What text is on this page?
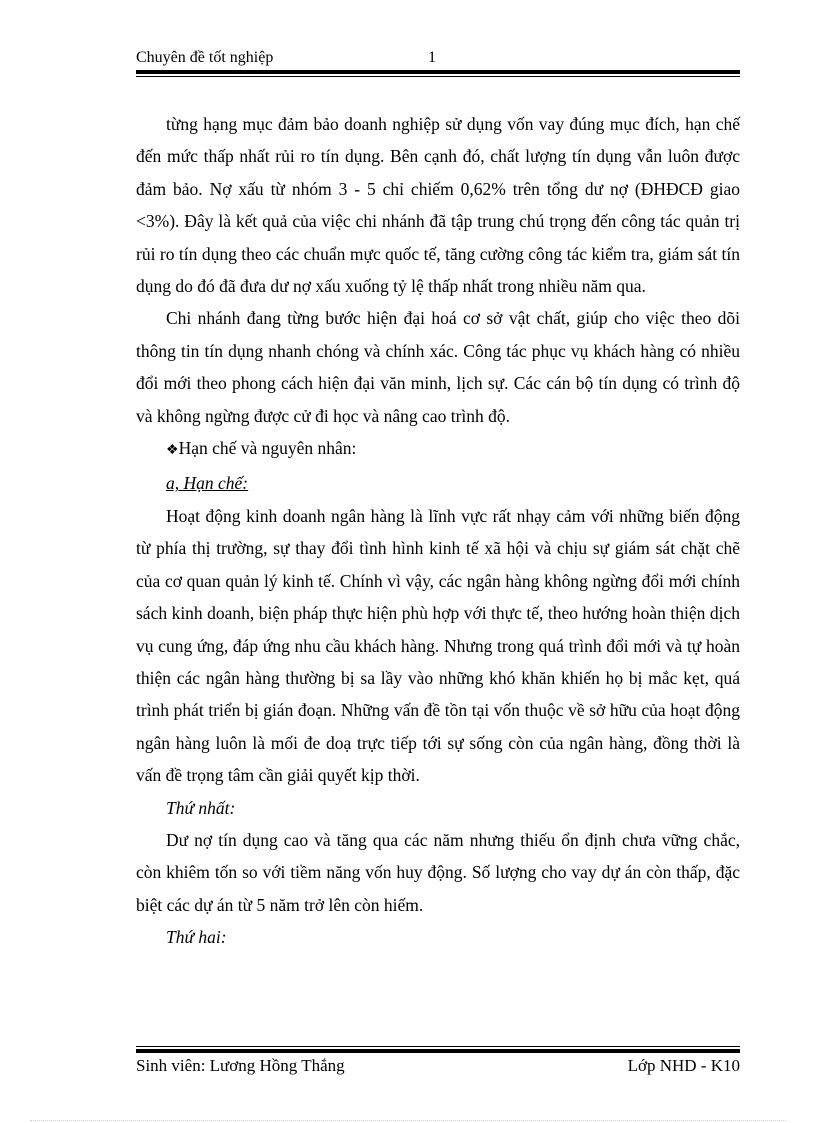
Chuyên đề tốt nghiệp	1

từng hạng mục đảm bảo doanh nghiệp sử dụng vốn vay đúng mục đích, hạn chế đến mức thấp nhất rủi ro tín dụng. Bên cạnh đó, chất lượng tín dụng vẫn luôn được đảm bảo. Nợ xấu từ nhóm 3 - 5 chỉ chiếm 0,62% trên tổng dư nợ (ĐHĐCĐ giao <3%). Đây là kết quả của việc chi nhánh đã tập trung chú trọng đến công tác quản trị rủi ro tín dụng theo các chuẩn mực quốc tế, tăng cường công tác kiểm tra, giám sát tín dụng do đó đã đưa dư nợ xấu xuống tỷ lệ thấp nhất trong nhiều năm qua.

Chi nhánh đang từng bước hiện đại hoá cơ sở vật chất, giúp cho việc theo dõi thông tin tín dụng nhanh chóng và chính xác. Công tác phục vụ khách hàng có nhiều đổi mới theo phong cách hiện đại văn minh, lịch sự. Các cán bộ tín dụng có trình độ và không ngừng được cử đi học và nâng cao trình độ.

❖Hạn chế và nguyên nhân:

a, Hạn chế:

Hoạt động kinh doanh ngân hàng là lĩnh vực rất nhạy cảm với những biến động từ phía thị trường, sự thay đổi tình hình kinh tế xã hội và chịu sự giám sát chặt chẽ của cơ quan quản lý kinh tế. Chính vì vậy, các ngân hàng không ngừng đổi mới chính sách kinh doanh, biện pháp thực hiện phù hợp với thực tế, theo hướng hoàn thiện dịch vụ cung ứng, đáp ứng nhu cầu khách hàng. Nhưng trong quá trình đổi mới và tự hoàn thiện các ngân hàng thường bị sa lầy vào những khó khăn khiến họ bị mắc kẹt, quá trình phát triển bị gián đoạn. Những vấn đề tồn tại vốn thuộc về sở hữu của hoạt động ngân hàng luôn là mối đe doạ trực tiếp tới sự sống còn của ngân hàng, đồng thời là vấn đề trọng tâm cần giải quyết kịp thời.

Thứ nhất:

Dư nợ tín dụng cao và tăng qua các năm nhưng thiếu ổn định chưa vững chắc, còn khiêm tốn so với tiềm năng vốn huy động. Số lượng cho vay dự án còn thấp, đặc biệt các dự án từ 5 năm trở lên còn hiếm.

Thứ hai:

Sinh viên: Lương Hồng Thắng	Lớp NHD - K10
